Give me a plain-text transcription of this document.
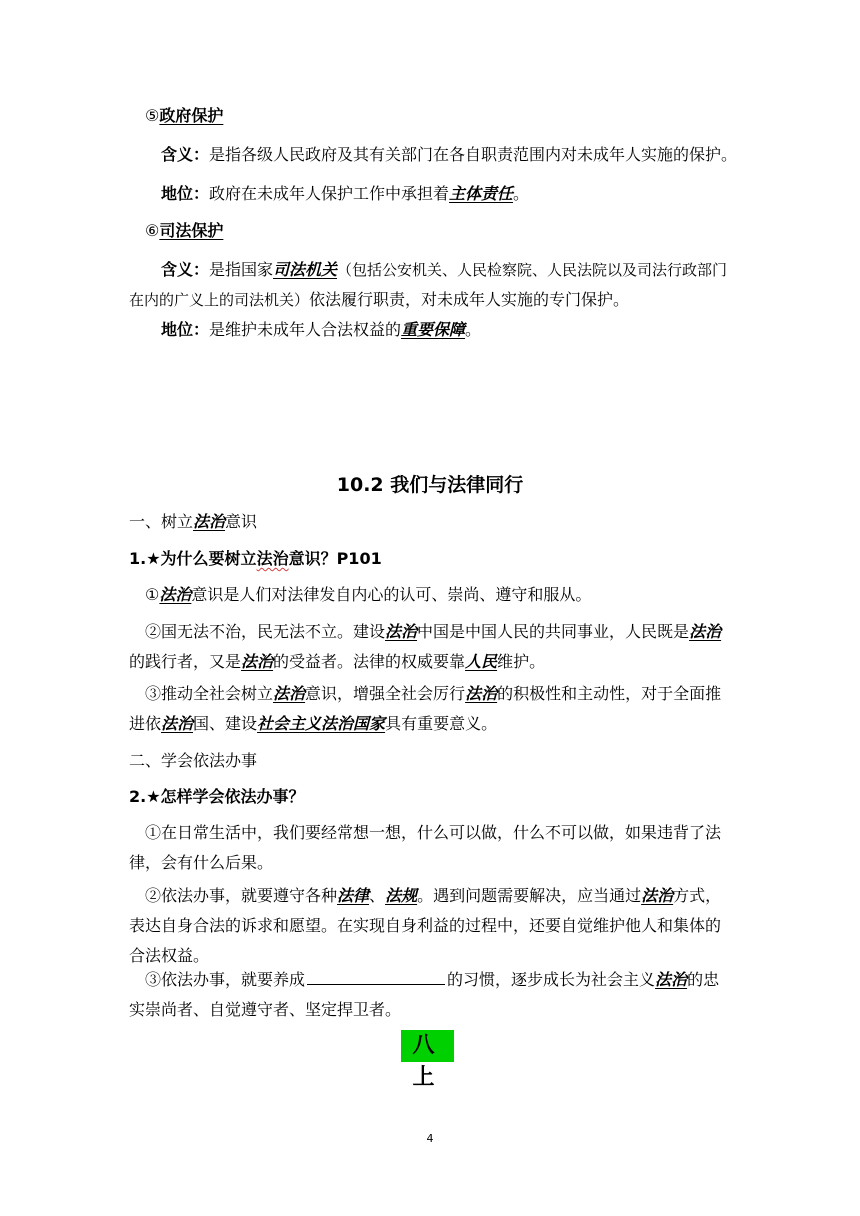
⑤政府保护
含义：是指各级人民政府及其有关部门在各自职责范围内对未成年人实施的保护。
地位：政府在未成年人保护工作中承担着主体责任。
⑥司法保护
含义：是指国家司法机关（包括公安机关、人民检察院、人民法院以及司法行政部门在内的广义上的司法机关）依法履行职责，对未成年人实施的专门保护。
地位：是维护未成年人合法权益的重要保障。
10.2 我们与法律同行
一、树立法治意识
1.★为什么要树立法治意识？P101
①法治意识是人们对法律发自内心的认可、崇尚、遵守和服从。
②国无法不治，民无法不立。建设法治中国是中国人民的共同事业，人民既是法治的践行者，又是法治的受益者。法律的权威要靠人民维护。
③推动全社会树立法治意识，增强全社会厉行法治的积极性和主动性，对于全面推进依法治国、建设社会主义法治国家具有重要意义。
二、学会依法办事
2.★怎样学会依法办事？
①在日常生活中，我们要经常想一想，什么可以做，什么不可以做，如果违背了法律，会有什么后果。
②依法办事，就要遵守各种法律、法规。遇到问题需要解决，应当通过法治方式，表达自身合法的诉求和愿望。在实现自身利益的过程中，还要自觉维护他人和集体的合法权益。
③依法办事，就要养成	的习惯，逐步成长为社会主义法治的忠实崇尚者、自觉遵守者、坚定捍卫者。
八上
4
